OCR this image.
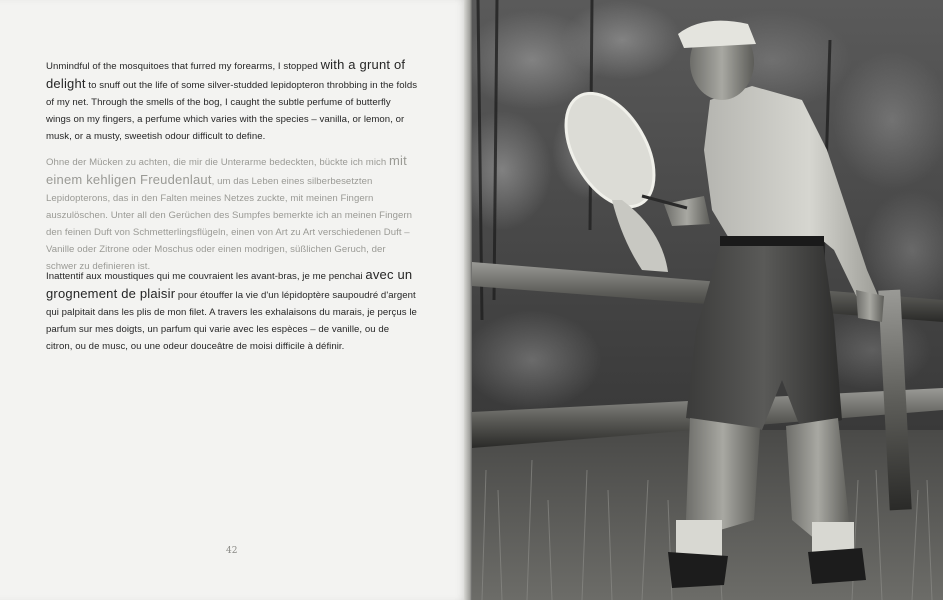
Unmindful of the mosquitoes that furred my forearms, I stopped with a grunt of delight to snuff out the life of some silver-studded lepidopteron throbbing in the folds of my net. Through the smells of the bog, I caught the subtle perfume of butterfly wings on my fingers, a perfume which varies with the species – vanilla, or lemon, or musk, or a musty, sweetish odour difficult to define.

Ohne der Mücken zu achten, die mir die Unterarme bedeckten, bückte ich mich mit einem kehligen Freudenlaut, um das Leben eines silberbesetzten Lepidopterons, das in den Falten meines Netzes zuckte, mit meinen Fingern auszulöschen. Unter all den Gerüchen des Sumpfes bemerkte ich an meinen Fingern den feinen Duft von Schmetterlingsflügeln, einen von Art zu Art verschiedenen Duft – Vanille oder Zitrone oder Moschus oder einen modrigen, süßlichen Geruch, der schwer zu definieren ist.

Inattentif aux moustiques qui me couvraient les avant-bras, je me penchai avec un grognement de plaisir pour étouffer la vie d'un lépidoptère saupoudré d'argent qui palpitait dans les plis de mon filet. A travers les exhalaisons du marais, je perçus le parfum sur mes doigts, un parfum qui varie avec les espèces – de vanille, ou de citron, ou de musc, ou une odeur douceâtre de moisi difficile à définir.

42
